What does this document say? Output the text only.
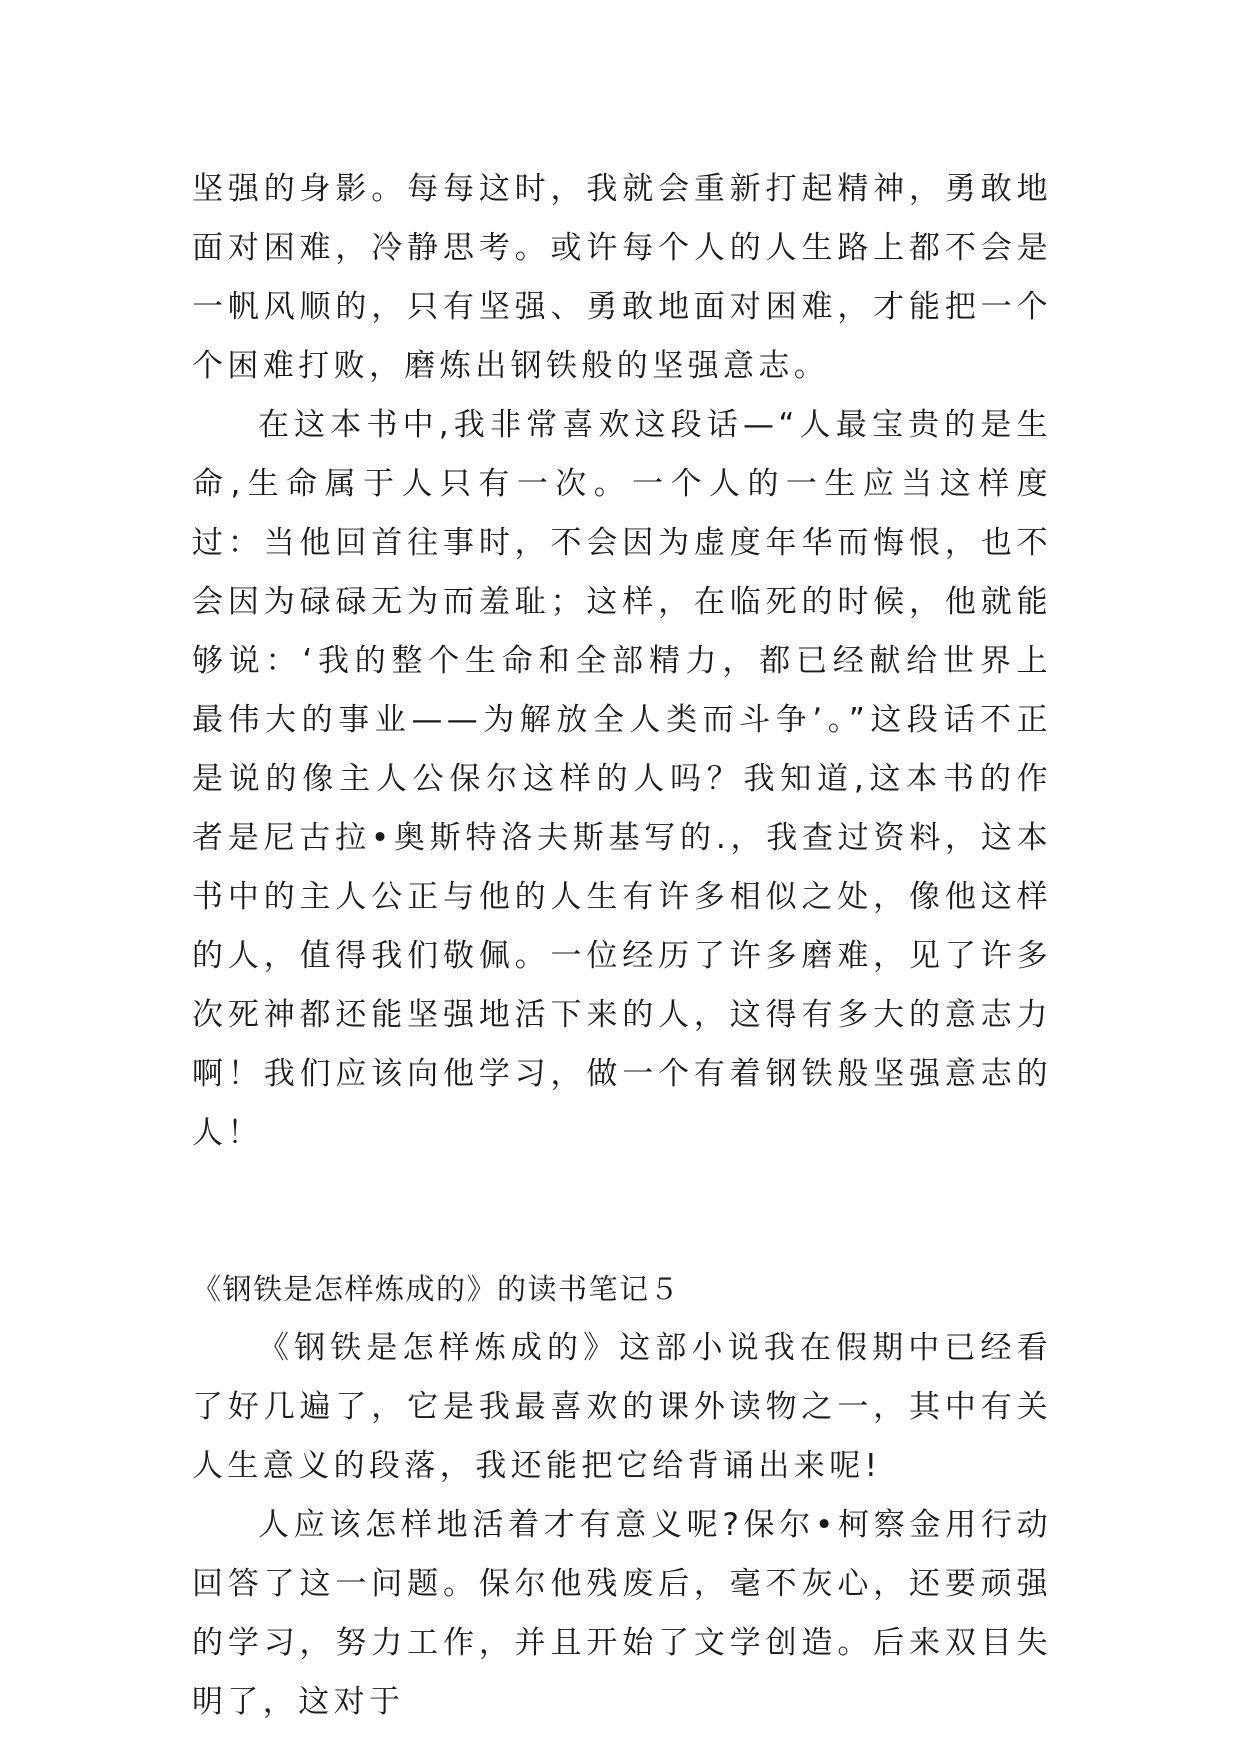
坚强的身影。每每这时，我就会重新打起精神，勇敢地面对困难，冷静思考。或许每个人的人生路上都不会是一帆风顺的，只有坚强、勇敢地面对困难，才能把一个个困难打败，磨炼出钢铁般的坚强意志。

在这本书中,我非常喜欢这段话—“人最宝贵的是生命,生命属于人只有一次。一个人的一生应当这样度过：当他回首往事时，不会因为虚度年华而悔恨，也不会因为碌碌无为而羞耻；这样，在临死的时候，他就能够说：‘我的整个生命和全部精力，都已经献给世界上最伟大的事业——为解放全人类而斗争’。”这段话不正是说的像主人公保尔这样的人吗？我知道,这本书的作者是尼古拉•奥斯特洛夫斯基写的.，我查过资料，这本书中的主人公正与他的人生有许多相似之处，像他这样的人，值得我们敬佩。一位经历了许多磨难，见了许多次死神都还能坚强地活下来的人，这得有多大的意志力啊！我们应该向他学习，做一个有着钢铁般坚强意志的人！

《钢铁是怎样炼成的》的读书笔记５

《钢铁是怎样炼成的》这部小说我在假期中已经看了好几遍了，它是我最喜欢的课外读物之一，其中有关人生意义的段落，我还能把它给背诵出来呢!

人应该怎样地活着才有意义呢?保尔•柯察金用行动回答了这一问题。保尔他残废后，毫不灰心，还要顽强的学习，努力工作，并且开始了文学创造。后来双目失明了，这对于
